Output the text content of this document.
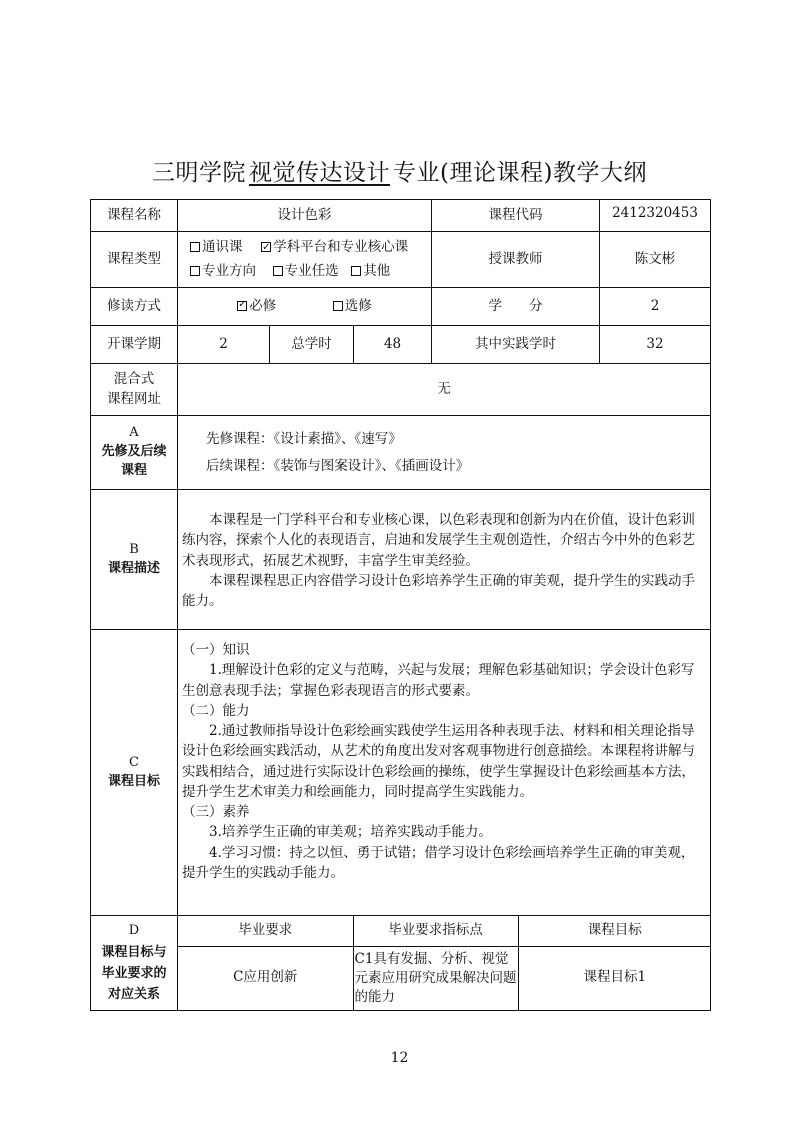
三明学院 视觉传达设计 专业(理论课程)教学大纲
课程名称	设计色彩	课程代码	2412320453
课程类型	
通识课  ✓ 学科平台和专业核心课
专业方向 专业任选 其他
	授课教师	陈文彬
修读方式	✓必修	选修	学　　分	2
开课学期	2	总学时	48	其中实践学时	32

混合式
课程网址
	无

A
先修及后续
课程

先修课程：《设计素描》、《速写》
后续课程：《装饰与图案设计》、《插画设计》

B
课程描述

本课程是一门学科平台和专业核心课，以色彩表现和创新为内在价值，设计色彩训练内容，探索个人化的表现语言，启迪和发展学生主观创造性，介绍古今中外的色彩艺术表现形式，拓展艺术视野，丰富学生审美经验。

本课程课程思正内容借学习设计色彩培养学生正确的审美观，提升学生的实践动手能力。

C
课程目标

（一）知识

1.理解设计色彩的定义与范畴，兴起与发展；理解色彩基础知识；学会设计色彩写生创意表现手法；掌握色彩表现语言的形式要素。

（二）能力

2.通过教师指导设计色彩绘画实践使学生运用各种表现手法、材料和相关理论指导设计色彩绘画实践活动，从艺术的角度出发对客观事物进行创意描绘。本课程将讲解与实践相结合，通过进行实际设计色彩绘画的操练，使学生掌握设计色彩绘画基本方法，提升学生艺术审美力和绘画能力，同时提高学生实践能力。

（三）素养

3.培养学生正确的审美观；培养实践动手能力。

4.学习习惯：持之以恒、勇于试错；借学习设计色彩绘画培养学生正确的审美观，提升学生的实践动手能力。

D
课程目标与
毕业要求的
对应关系

毕业要求	毕业要求指标点	课程目标
C应用创新	C1具有发掘、分析、视觉元素应用研究成果解决问题的能力	课程目标1
12
